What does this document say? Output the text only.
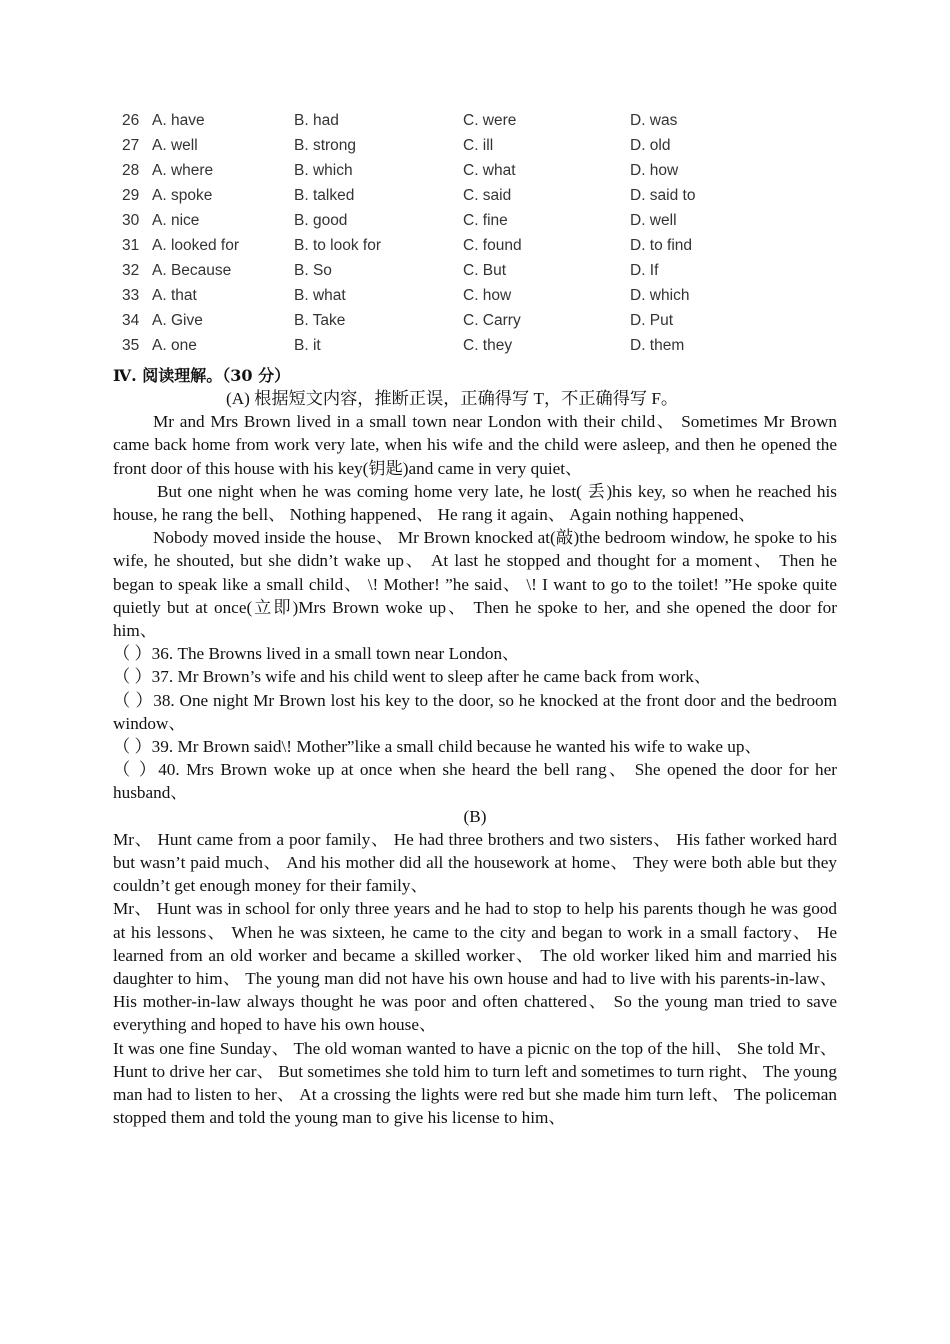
26 A. have	B. had	C. were	D. was
27 A. well	B. strong	C. ill	D. old
28 A. where	B. which	C. what	D. how
29 A. spoke	B. talked	C. said	D. said to
30 A. nice	B. good	C. fine	D. well
31 A. looked for	B. to look for	C. found	D. to find
32 A. Because	B. So	C. But	D. If
33 A. that	B. what	C. how	D. which
34 A. Give	B. Take	C. Carry	D. Put
35 A. one	B. it	C. they	D. them

Ⅳ. 阅读理解。（30 分）

(A) 根据短文内容，推断正误，正确得写 T，不正确得写 F。

Mr and Mrs Brown lived in a small town near London with their child、 Sometimes Mr Brown came back home from work very late, when his wife and the child were asleep, and then he opened the front door of this house with his key(钥匙)and came in very quiet、

But one night when he was coming home very late, he lost( 丢)his key, so when he reached his house, he rang the bell、 Nothing happened、 He rang it again、 Again nothing happened、

Nobody moved inside the house、 Mr Brown knocked at(敲)the bedroom window, he spoke to his wife, he shouted, but she didn’t wake up、 At last he stopped and thought for a moment、 Then he began to speak like a small child、 \! Mother! ”he said、 \! I want to go to the toilet! ”He spoke quite quietly but at once(立即)Mrs Brown woke up、 Then he spoke to her, and she opened the door for him、

（ ）36. The Browns lived in a small town near London、

（ ）37. Mr Brown’s wife and his child went to sleep after he came back from work、

（ ）38. One night Mr Brown lost his key to the door, so he knocked at the front door and the bedroom window、

（ ）39. Mr Brown said\! Mother”like a small child because he wanted his wife to wake up、

（ ）40. Mrs Brown woke up at once when she heard the bell rang、 She opened the door for her husband、

(B)

Mr、 Hunt came from a poor family、 He had three brothers and two sisters、 His father worked hard but wasn’t paid much、 And his mother did all the housework at home、 They were both able but they couldn’t get enough money for their family、

Mr、 Hunt was in school for only three years and he had to stop to help his parents though he was good at his lessons、 When he was sixteen, he came to the city and began to work in a small factory、 He learned from an old worker and became a skilled worker、 The old worker liked him and married his daughter to him、 The young man did not have his own house and had to live with his parents-in-law、 His mother-in-law always thought he was poor and often chattered、 So the young man tried to save everything and hoped to have his own house、

It was one fine Sunday、 The old woman wanted to have a picnic on the top of the hill、 She told Mr、 Hunt to drive her car、 But sometimes she told him to turn left and sometimes to turn right、 The young man had to listen to her、 At a crossing the lights were red but she made him turn left、 The policeman stopped them and told the young man to give his license to him、
